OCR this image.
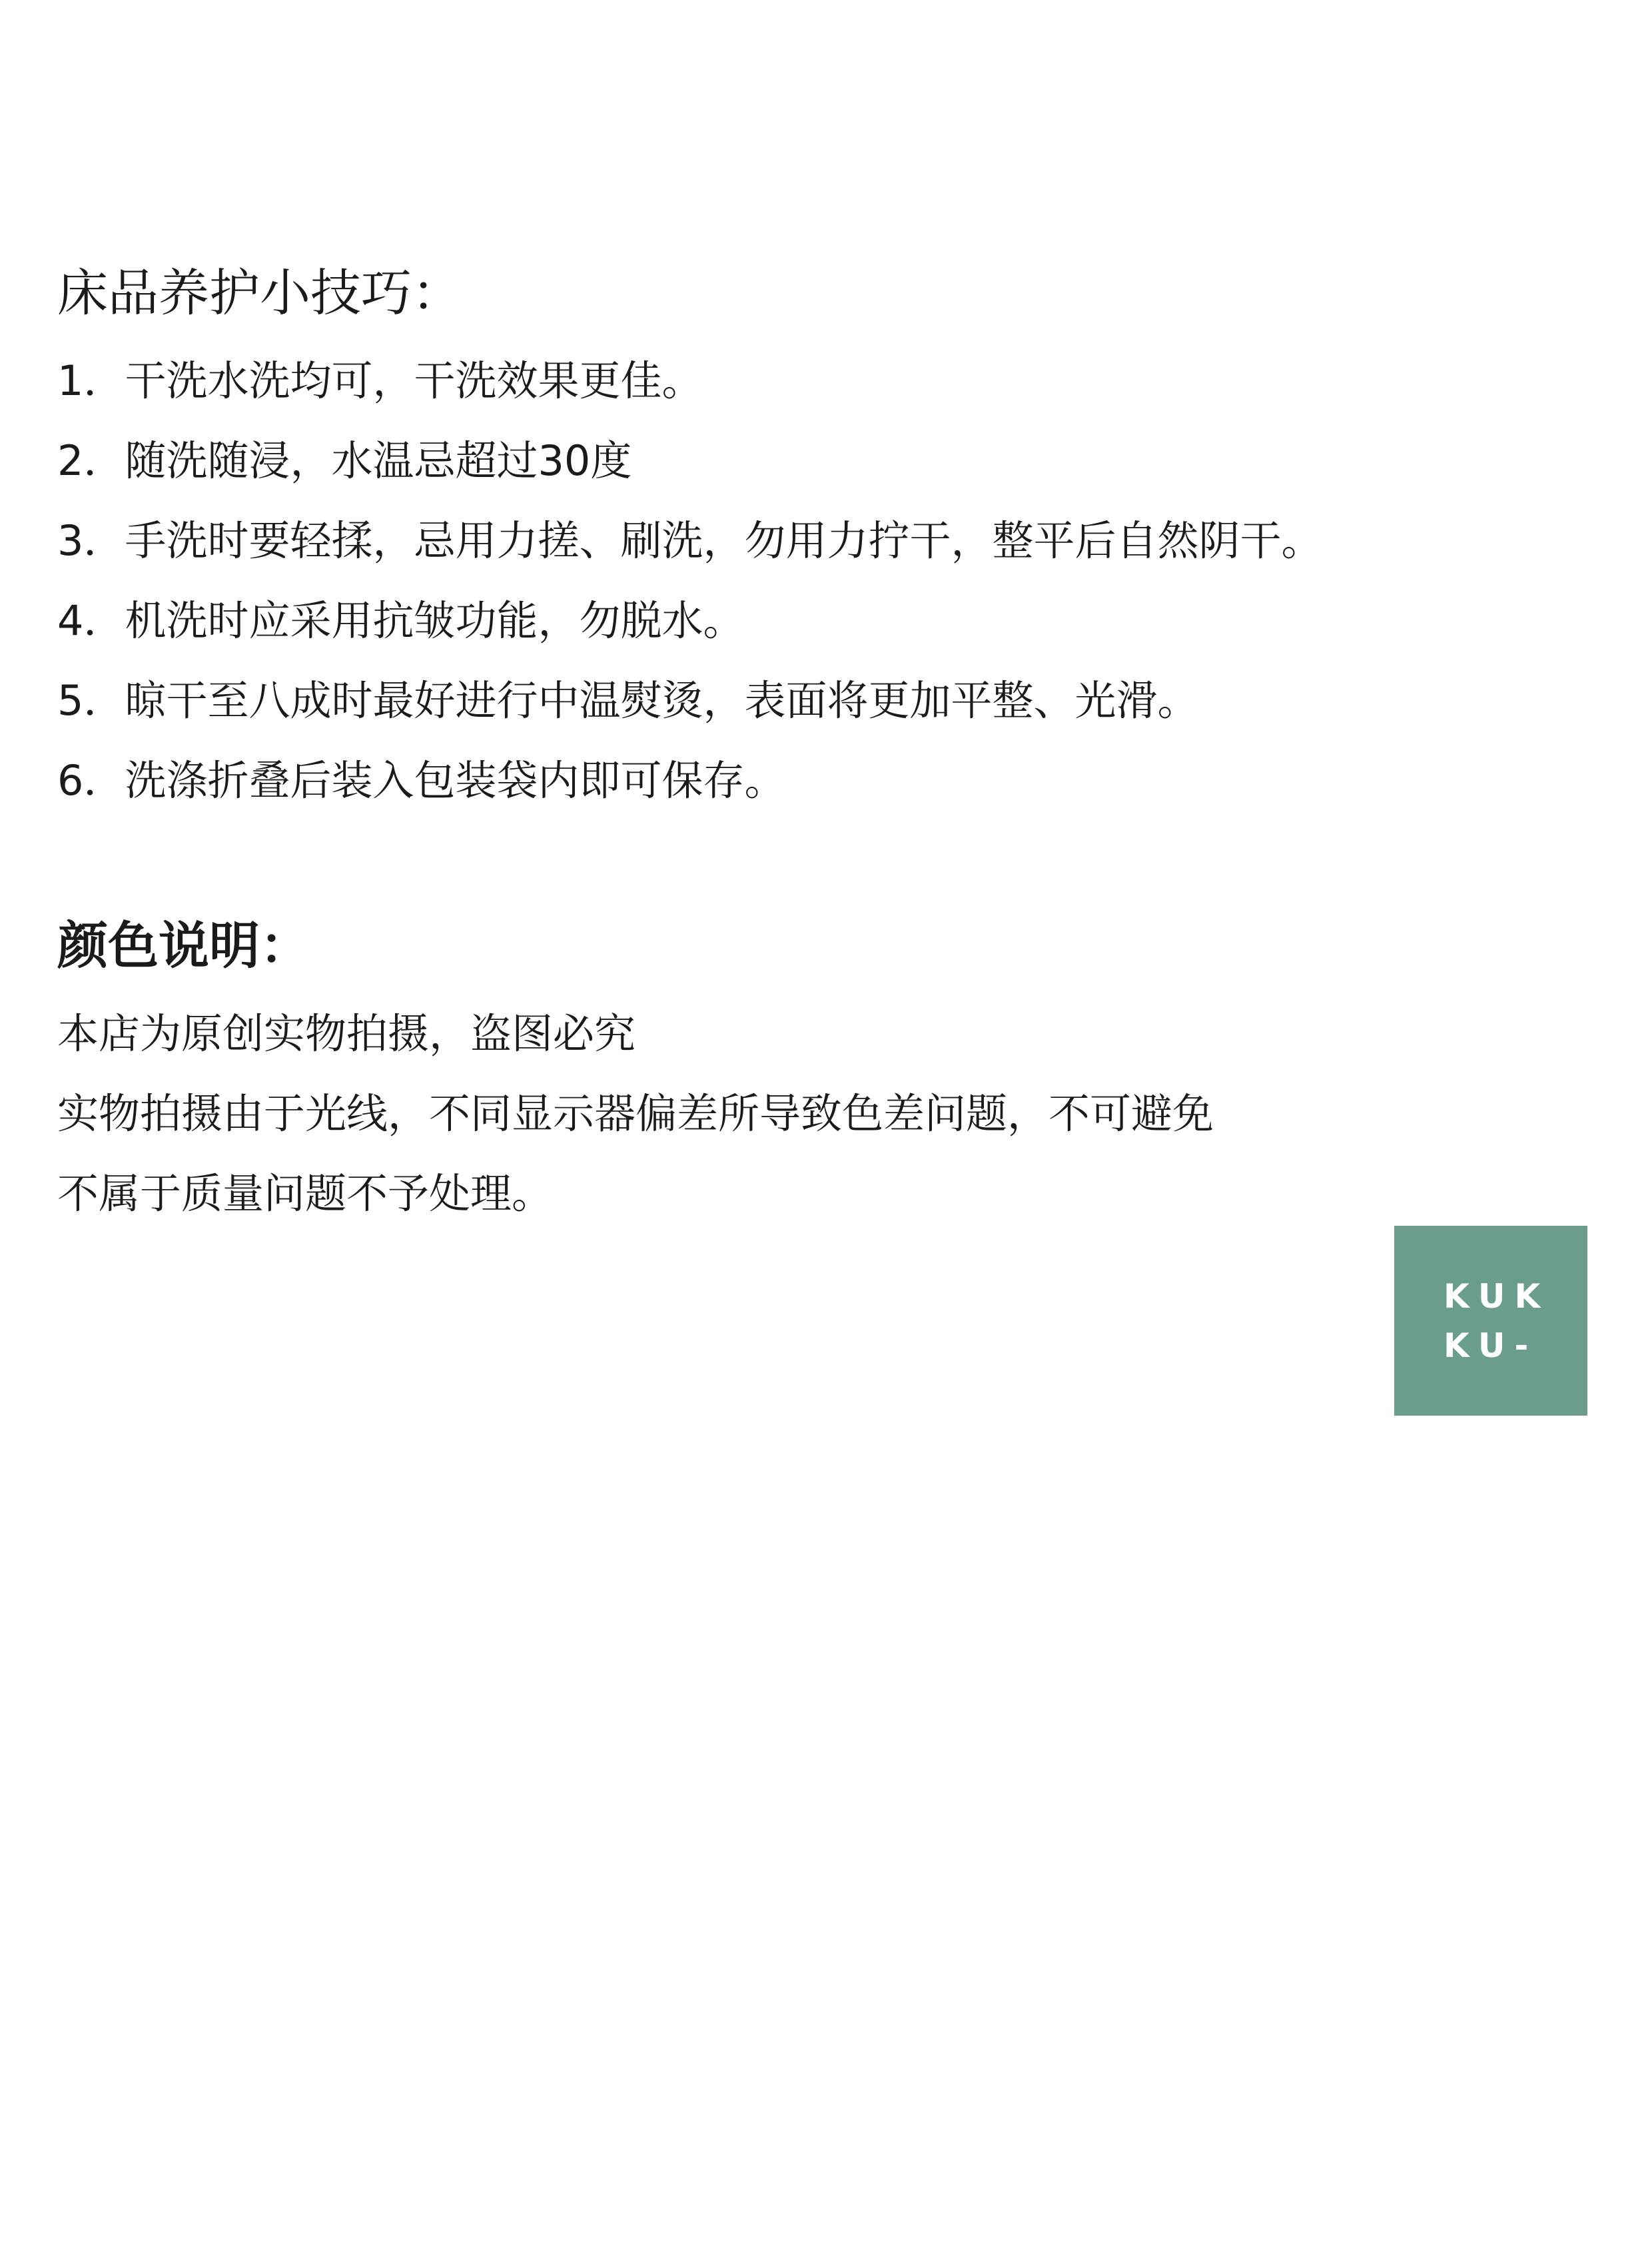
床品养护小技巧：

1．干洗水洗均可，干洗效果更佳。

2．随洗随浸，水温忌超过30度

3．手洗时要轻揉，忌用力搓、刷洗，勿用力拧干，整平后自然阴干。

4．机洗时应采用抗皱功能，勿脱水。

5．晾干至八成时最好进行中温熨烫，表面将更加平整、光滑。

6．洗涤折叠后装入包装袋内即可保存。

颜色说明：

本店为原创实物拍摄，盗图必究

实物拍摄由于光线，不同显示器偏差所导致色差问题，不可避免

不属于质量问题不予处理。

KUK
KU-
